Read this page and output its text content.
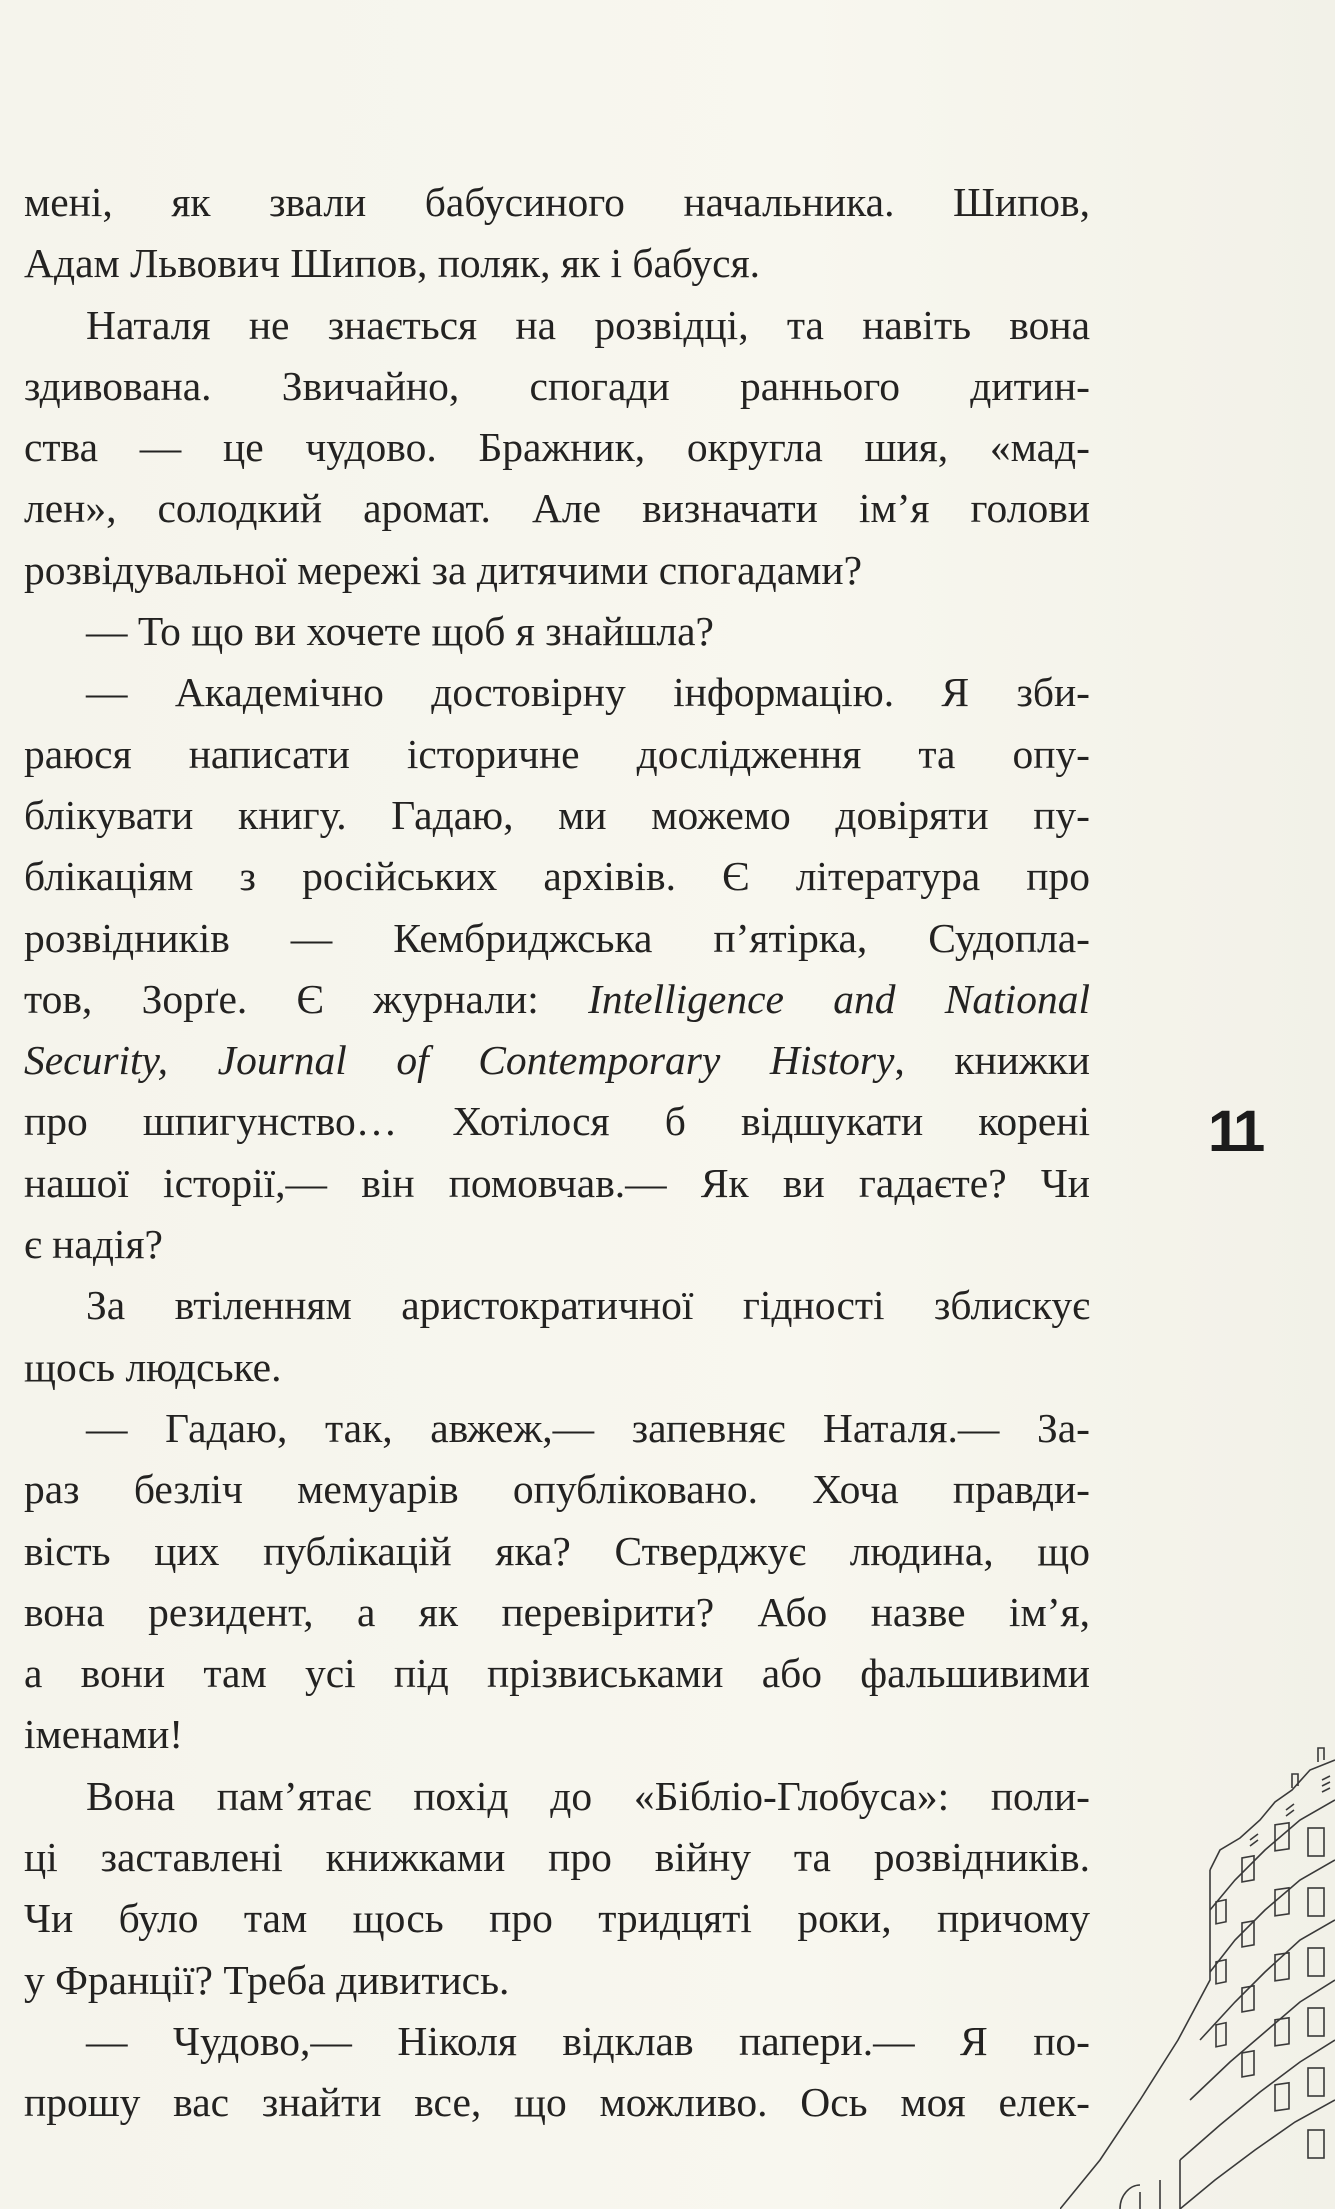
мені, як звали бабусиного начальника. Шипов,
Адам Львович Шипов, поляк, як і бабуся.
Наталя не знається на розвідці, та навіть вона
здивована. Звичайно, спогади раннього дитин-
ства — це чудово. Бражник, округла шия, «мад-
лен», солодкий аромат. Але визначати ім’я голови
розвідувальної мережі за дитячими спогадами?
— То що ви хочете щоб я знайшла?
— Академічно достовірну інформацію. Я зби-
раюся написати історичне дослідження та опу-
блікувати книгу. Гадаю, ми можемо довіряти пу-
блікаціям з російських архівів. Є література про
розвідників — Кембриджська п’ятірка, Судопла-
тов, Зорґе. Є журнали: Intelligence and National
Security, Journal of Contemporary History, книжки
про шпигунство… Хотілося б відшукати корені
нашої історії,— він помовчав.— Як ви гадаєте? Чи
є надія?
За втіленням аристократичної гідності зблискує
щось людське.
— Гадаю, так, авжеж,— запевняє Наталя.— За-
раз безліч мемуарів опубліковано. Хоча правди-
вість цих публікацій яка? Стверджує людина, що
вона резидент, а як перевірити? Або назве ім’я,
а вони там усі під прізвиськами або фальшивими
іменами!
Вона пам’ятає похід до «Бібліо-Глобуса»: поли-
ці заставлені книжками про війну та розвідників.
Чи було там щось про тридцяті роки, причому
у Франції? Треба дивитись.
— Чудово,— Ніколя відклав папери.— Я по-
прошу вас знайти все, що можливо. Ось моя елек-
11
